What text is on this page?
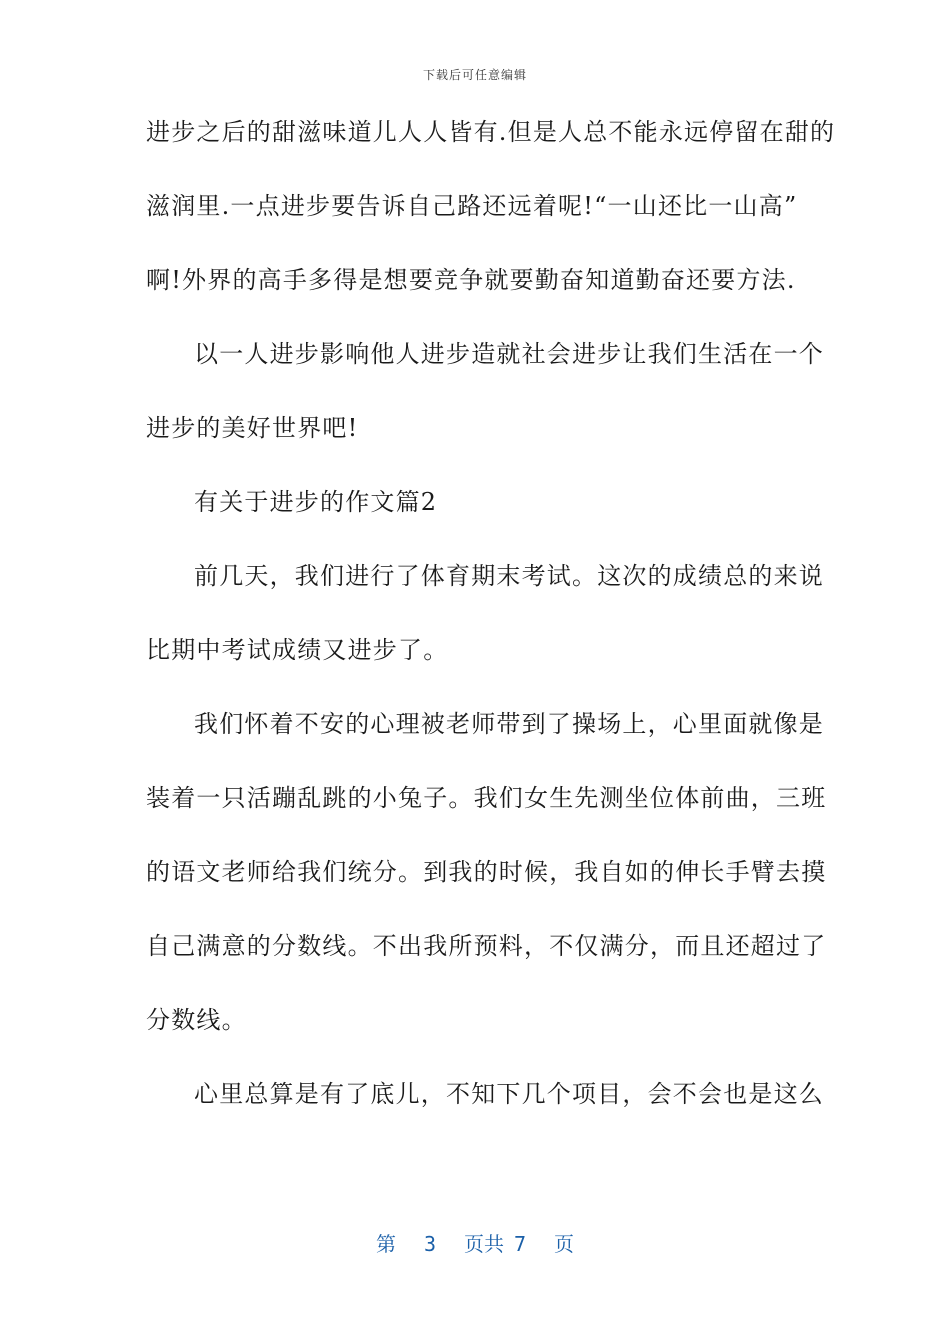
下载后可任意编辑
进步之后的甜滋味道儿人人皆有.但是人总不能永远停留在甜的
滋润里.一点进步要告诉自己路还远着呢!“一山还比一山高”
啊!外界的高手多得是想要竞争就要勤奋知道勤奋还要方法.
以一人进步影响他人进步造就社会进步让我们生活在一个
进步的美好世界吧!
有关于进步的作文篇2
前几天，我们进行了体育期末考试。这次的成绩总的来说
比期中考试成绩又进步了。
我们怀着不安的心理被老师带到了操场上，心里面就像是
装着一只活蹦乱跳的小兔子。我们女生先测坐位体前曲，三班
的语文老师给我们统分。到我的时候，我自如的伸长手臂去摸
自己满意的分数线。不出我所预料，不仅满分，而且还超过了
分数线。
心里总算是有了底儿，不知下几个项目，会不会也是这么
第 3 页共 7 页
